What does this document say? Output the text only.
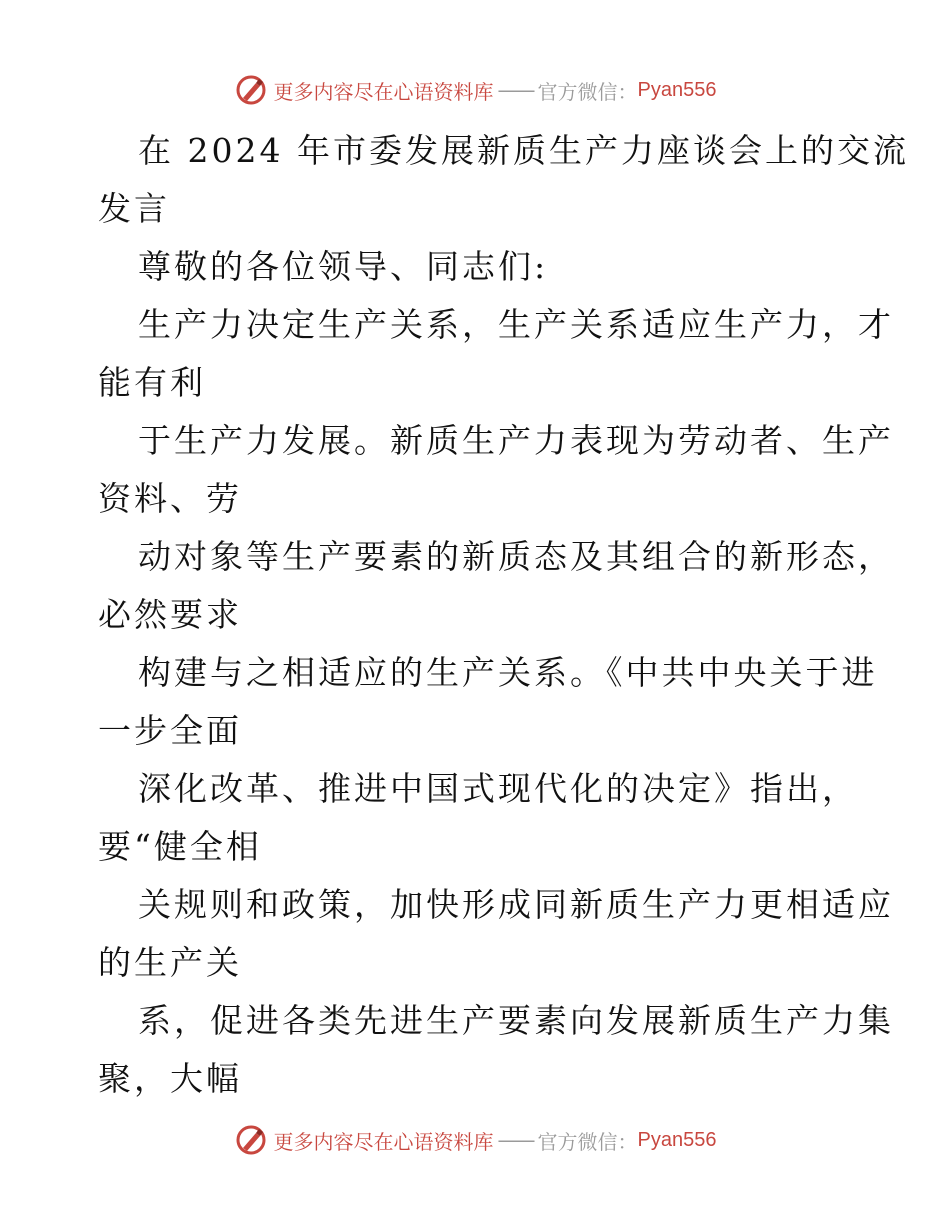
更多内容尽在心语资料库 —— 官方微信： Pyan556
在 2024 年市委发展新质生产力座谈会上的交流
发言
尊敬的各位领导、同志们:
生产力决定生产关系，生产关系适应生产力，才
能有利
于生产力发展。新质生产力表现为劳动者、生产
资料、劳
动对象等生产要素的新质态及其组合的新形态，
必然要求
构建与之相适应的生产关系。《中共中央关于进
一步全面
深化改革、推进中国式现代化的决定》指出，
要“健全相
关规则和政策，加快形成同新质生产力更相适应
的生产关
系，促进各类先进生产要素向发展新质生产力集
聚，大幅
更多内容尽在心语资料库 —— 官方微信： Pyan556
